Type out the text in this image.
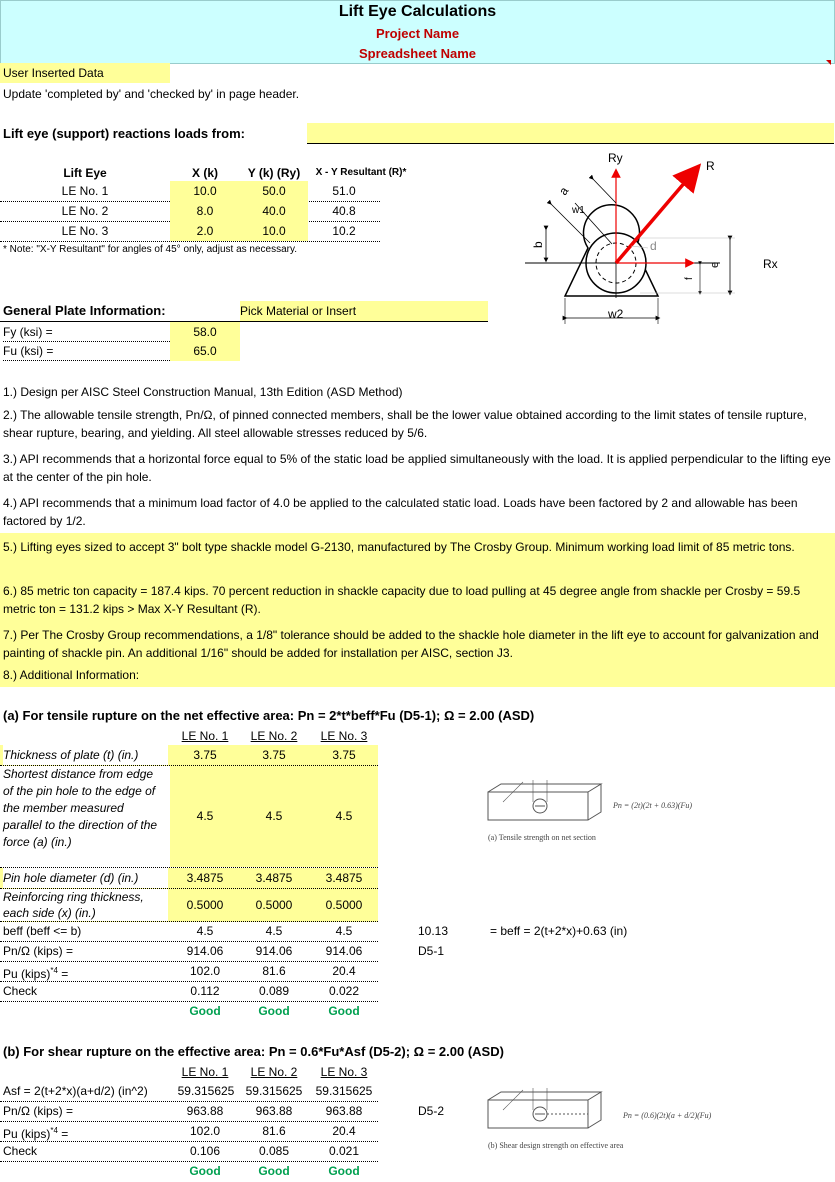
Lift Eye Calculations
Project Name
Spreadsheet Name
User Inserted Data
Update 'completed by' and 'checked by' in page header.
Lift eye (support) reactions loads from:
Lift Eye	X (k)	Y (k) (Ry)	X - Y Resultant (R)*
LE No. 1	10.0	50.0	51.0
LE No. 2	8.0	40.0	40.8
LE No. 3	2.0	10.0	10.2
* Note: "X-Y Resultant" for angles of 45° only, adjust as necessary.
Ry
R
Rx
a
w1
b	d
e
f
w2
General Plate Information:	Pick Material or Insert
Fy (ksi) =	58.0
Fu (ksi) =	65.0
1.) Design per AISC Steel Construction Manual, 13th Edition (ASD Method)
2.) The allowable tensile strength, Pn/Ω, of pinned connected members, shall be the lower value obtained according to the limit states of tensile rupture, shear rupture, bearing, and yielding. All steel allowable stresses reduced by 5/6.
3.) API recommends that a horizontal force equal to 5% of the static load be applied simultaneously with the load. It is applied perpendicular to the lifting eye at the center of the pin hole.
4.) API recommends that a minimum load factor of 4.0 be applied to the calculated static load. Loads have been factored by 2 and allowable has been factored by 1/2.
5.) Lifting eyes sized to accept 3" bolt type shackle model G-2130, manufactured by The Crosby Group. Minimum working load limit of 85 metric tons.
6.) 85 metric ton capacity = 187.4 kips. 70 percent reduction in shackle capacity due to load pulling at 45 degree angle from shackle per Crosby = 59.5 metric ton = 131.2 kips > Max X-Y Resultant (R).
7.) Per The Crosby Group recommendations, a 1/8" tolerance should be added to the shackle hole diameter in the lift eye to account for galvanization and painting of shackle pin. An additional 1/16" should be added for installation per AISC, section J3.
8.) Additional Information:
(a) For tensile rupture on the net effective area: Pn = 2*t*beff*Fu (D5-1); Ω = 2.00 (ASD)
LE No. 1	LE No. 2	LE No. 3
Thickness of plate (t) (in.)	3.75	3.75	3.75
Shortest distance from edge of the pin hole to the edge of the member measured parallel to the direction of the force (a) (in.)
4.5	4.5	4.5
Pin hole diameter (d) (in.)	3.4875	3.4875	3.4875
Reinforcing ring thickness, each side (x) (in.)
0.5000	0.5000	0.5000
beff (beff <= b)	4.5	4.5	4.5	10.13	= beff = 2(t+2*x)+0.63 (in)
Pn/Ω (kips) =	914.06	914.06	914.06	D5-1
Pu (kips)$^{*4}$ =	102.0	81.6	20.4
Check	0.112	0.089	0.022
Good	Good	Good
Pn = (2t)(2t + 0.63)(Fu)
(a) Tensile strength on net section
(b) For shear rupture on the effective area: Pn = 0.6*Fu*Asf (D5-2); Ω = 2.00 (ASD)
LE No. 1	LE No. 2	LE No. 3
Asf = 2(t+2*x)(a+d/2) (in^2)	59.315625 59.315625	59.315625
Pn/Ω (kips) =	963.88	963.88	963.88	D5-2
Pu (kips)$^{*4}$ =	102.0	81.6	20.4
Check	0.106	0.085	0.021
Good	Good	Good
Pn = (0.6)(2t)(a + d/2)(Fu)
(b) Shear design strength on effective area
